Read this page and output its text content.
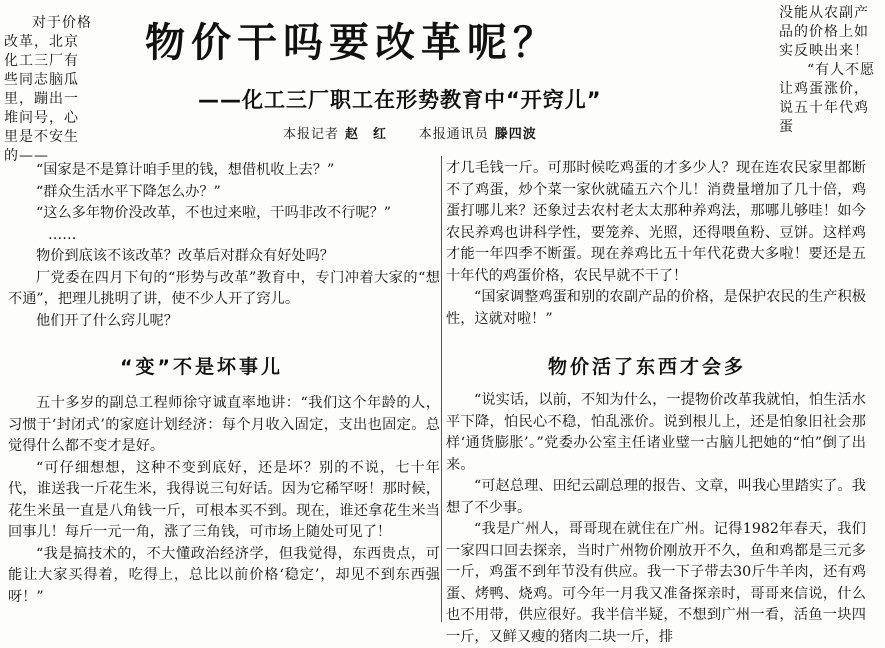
对于价格改革，北京化工三厂有些同志脑瓜里，蹦出一堆问号，心里是不安生的——

没能从农副产品的价格上如实反映出来！

“有人不愿让鸡蛋涨价，说五十年代鸡蛋

物价干吗要改革呢？
——化工三厂职工在形势教育中“开窍儿”
本报记者 赵　红 本报通讯员 滕四波

“国家是不是算计咱手里的钱，想借机收上去？”

“群众生活水平下降怎么办？”

“这么多年物价没改革，不也过来啦，干吗非改不行呢？”

……

物价到底该不该改革？改革后对群众有好处吗？

厂党委在四月下旬的“形势与改革”教育中，专门冲着大家的“想不通”，把理儿挑明了讲，使不少人开了窍儿。

他们开了什么窍儿呢？

“变”不是坏事儿

五十多岁的副总工程师徐守诚直率地讲：“我们这个年龄的人，习惯于‘封闭式’的家庭计划经济：每个月收入固定，支出也固定。总觉得什么都不变才是好。

“可仔细想想，这种不变到底好，还是坏？别的不说，七十年代，谁送我一斤花生米，我得说三句好话。因为它稀罕呀！那时候，花生米虽一直是八角钱一斤，可根本买不到。现在，谁还拿花生米当回事儿！每斤一元一角，涨了三角钱，可市场上随处可见了！

“我是搞技术的，不大懂政治经济学，但我觉得，东西贵点，可能让大家买得着，吃得上，总比以前价格‘稳定’，却见不到东西强呀！”

才几毛钱一斤。可那时候吃鸡蛋的才多少人？现在连农民家里都断不了鸡蛋，炒个菜一家伙就磕五六个儿！消费量增加了几十倍，鸡蛋打哪儿来？还象过去农村老太太那种养鸡法，那哪儿够哇！如今农民养鸡也讲科学性，要笼养、光照，还得喂鱼粉、豆饼。这样鸡才能一年四季不断蛋。现在养鸡比五十年代花费大多啦！要还是五十年代的鸡蛋价格，农民早就不干了！

“国家调整鸡蛋和别的农副产品的价格，是保护农民的生产积极性，这就对啦！”

物价活了东西才会多

“说实话，以前，不知为什么，一提物价改革我就怕，怕生活水平下降，怕民心不稳，怕乱涨价。说到根儿上，还是怕象旧社会那样‘通货膨胀’。”党委办公室主任诸业璧一古脑儿把她的“怕”倒了出来。

“可赵总理、田纪云副总理的报告、文章，叫我心里踏实了。我想了不少事。

“我是广州人，哥哥现在就住在广州。记得1982年春天，我们一家四口回去探亲，当时广州物价刚放开不久，鱼和鸡都是三元多一斤，鸡蛋不到年节没有供应。我一下子带去30斤牛羊肉，还有鸡蛋、烤鸭、烧鸡。可今年一月我又准备探亲时，哥哥来信说，什么也不用带，供应很好。我半信半疑，不想到广州一看，活鱼一块四一斤，又鲜又瘦的猪肉二块一斤，排
